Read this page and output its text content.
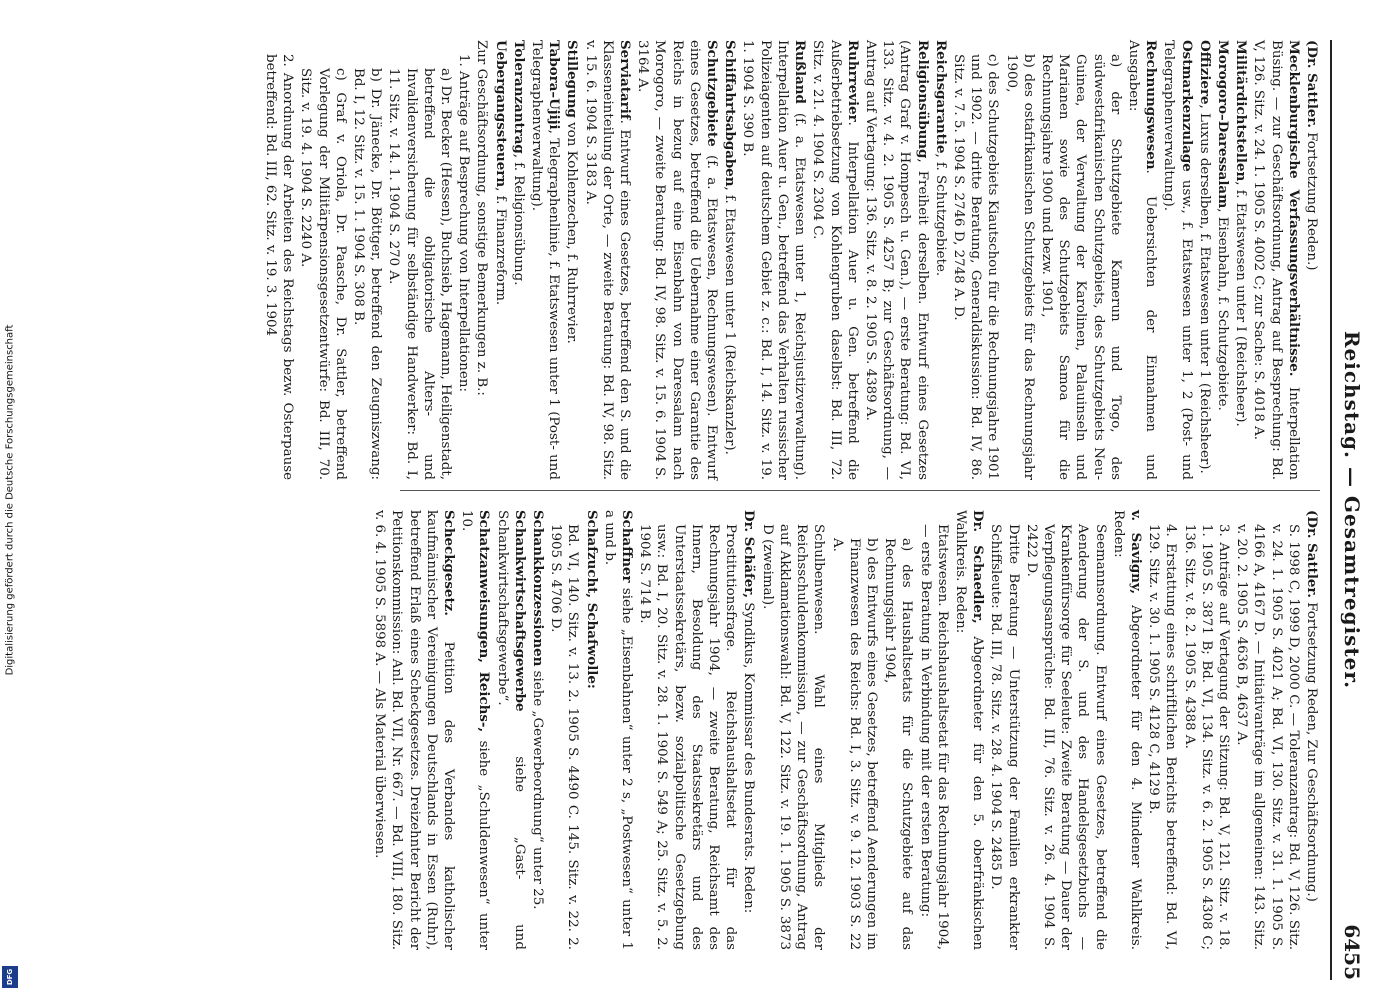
Digitalisierung gefördert durch die Deutsche Forschungsgemeinschaft
DFG
Reichstag. — Gesamtregister.
6455
(Dr. Sattler. Fortsetzung Reden.)
Mecklenburgische Verfassungsverhältnisse. Interpellation Büsing. — zur Geschäftsordnung, Antrag auf Besprechung: Bd. V, 126. Sitz. v. 24. 1. 1905 S. 4002 C; zur Sache: S. 4018 A.
Militärdichtstellen, f. Etatswesen unter I (Reichsheer).
Morogoro–Daressalam, Eisenbahn, f. Schutzgebiete.
Offiziere, Luxus derselben, f. Etatswesen unter 1 (Reichsheer).
Ostmarkenzulage usw., f. Etatswesen unter 1, 2 (Post- und Telegraphenverwaltung).
Rechnungswesen. Uebersichten der Einnahmen und Ausgaben:
a) der Schutzgebiete Kamerun und Togo, des südwestafrikanischen Schutzgebiets, des Schutzgebiets Neu-Guinea, der Verwaltung der Karolinen, Palauinseln und Marianen sowie des Schutzgebiets Samoa für die Rechnungsjahre 1900 und bezw. 1901,
b) des ostafrikanischen Schutzgebiets für das Rechnungsjahr 1900,
c) des Schutzgebiets Kiautschou für die Rechnungsjahre 1901 und 1902. — dritte Beratung, Generaldiskussion: Bd. IV, 86. Sitz. v. 7. 5. 1904 S. 2746 D, 2748 A. D.
Reichsgarantie, f. Schutzgebiete.
Religionsübung, Freiheit derselben. Entwurf eines Gesetzes (Antrag Graf v. Hompesch u. Gen.), — erste Beratung: Bd. VI, 133. Sitz. v. 4. 2. 1905 S. 4257 B; zur Geschäftsordnung, — Antrag auf Vertagung: 136. Sitz. v. 8. 2. 1905 S. 4389 A.
Ruhrrevier. Interpellation Auer u. Gen. betreffend die Außerbetriebsetzung von Kohlengruben daselbst: Bd. III, 72. Sitz. v. 21. 4. 1904 S. 2304 C.
Rußland (f. a. Etatswesen unter 1, Reichsjustizverwaltung). Interpellation Auer u. Gen., betreffend das Verhalten russischer Polizeiagenten auf deutschem Gebiet z. c.: Bd. I, 14. Sitz. v. 19. 1. 1904 S. 390 B.
Schiffahrtsabgaben, f. Etatswesen unter 1 (Reichskanzler).
Schutzgebiete (f. a. Etatswesen, Rechnungswesen). Entwurf eines Gesetzes, betreffend die Uebernahme einer Garantie des Reichs in bezug auf eine Eisenbahn von Daressalam nach Morogoro, — zweite Beratung: Bd. IV, 98. Sitz. v. 15. 6. 1904 S. 3164 A.
Serviatarif. Entwurf eines Gesetzes, betreffend den S. und die Klasseneinteilung der Orte, — zweite Beratung: Bd. IV, 98. Sitz. v. 15. 6. 1904 S. 3183 A.
Stillegung von Kohlenzechen, f. Ruhrrevier.
Tabora–Ujiji, Telegraphenlinie, f. Etatswesen unter 1 (Post- und Telegraphenverwaltung).
Toleranzantrag, f. Religionsübung.
Uebergangssteuern, f. Finanzreform.
Zur Geschäftsordnung, sonstige Bemerkungen z. B.:
1. Anträge auf Besprechung von Interpellationen:
a) Dr. Becker (Hessen), Buchsieb, Hagemann, Heiligenstadt, betreffend die obligatorische Alters- und Invalidenversicherung für selbständige Handwerker: Bd. I, 11. Sitz. v. 14. 1. 1904 S. 270 A.
b) Dr. Jänecke, Dr. Böttger, betreffend den Zeugniszwang: Bd. I, 12. Sitz. v. 15. 1. 1904 S. 308 B.
c) Graf v. Oriola, Dr. Paasche, Dr. Sattler, betreffend Vorlegung der Militärpensionsgesetzentwürfe: Bd. III, 70. Sitz. v. 19. 4. 1904 S. 2240 A.
2. Anordnung der Arbeiten des Reichstags bezw. Osterpause betreffend: Bd. III, 62. Sitz. v. 19. 3. 1904
(Dr. Sattler. Fortsetzung Reden, Zur Geschäftsordnung.)
S. 1998 C, 1999 D, 2000 C. — Toleranzantrag: Bd. V, 126. Sitz. v. 24. 1. 1905 S. 4021 A; Bd. VI, 130. Sitz. v. 31. 1. 1905 S. 4166 A, 4167 D. — Initiativanträge im allgemeinen: 143. Sitz. v. 20. 2. 1905 S. 4636 B, 4637 A.
3. Anträge auf Vertagung der Sitzung: Bd. V, 121. Sitz. v. 18. 1. 1905 S. 3871 B; Bd. VI, 134. Sitz. v. 6. 2. 1905 S. 4308 C; 136. Sitz. v. 8. 2. 1905 S. 4388 A.
4. Erstattung eines schriftlichen Berichts betreffend: Bd. VI, 129. Sitz. v. 30. 1. 1905 S. 4128 C, 4129 B.
v. Savigny, Abgeordneter für den 4. Mindener Wahlkreis. Reden:
Seemannsordnung. Entwurf eines Gesetzes, betreffend die Aenderung der S. und des Handelsgesetzbuchs — Krankenfürsorge für Seeleute: Zweite Beratung — Dauer der Verpflegungsansprüche: Bd. III, 76. Sitz. v. 26. 4. 1904 S. 2422 D.
Dritte Beratung — Unterstützung der Familien erkrankter Schiffsleute: Bd. III, 78. Sitz. v. 28. 4. 1904 S. 2485 D.
Dr. Schaedler, Abgeordneter für den 5. oberfränkischen Wahlkreis. Reden:
Etatswesen. Reichshaushaltsetat für das Rechnungsjahr 1904, — erste Beratung in Verbindung mit der ersten Beratung:
a) des Haushaltsetats für die Schutzgebiete auf das Rechnungsjahr 1904,
b) des Entwurfs eines Gesetzes, betreffend Aenderungen im Finanzwesen des Reichs: Bd. I, 3. Sitz. v. 9. 12. 1903 S. 22 A.
Schulbenwesen. Wahl eines Mitglieds der Reichsschuldenkommission, — zur Geschäftsordnung, Antrag auf Akklamationswahl: Bd. V, 122. Sitz. v. 19. 1. 1905 S. 3873 D (zweimal).
Dr. Schäfer, Syndikus, Kommissar des Bundesrats. Reden:
Prostitutionsfrage. Reichshaushaltsetat für das Rechnungsjahr 1904, — zweite Beratung, Reichsamt des Innern, Besoldung des Staatssekretärs und des Unterstaatssekretärs, bezw. sozialpolitische Gesetzgebung usw.: Bd. I, 20. Sitz. v. 28. 1. 1904 S. 549 A; 25. Sitz. v. 5. 2. 1904 S. 714 B.
Schaffner siehe „Eisenbahnen“ unter 2 s, „Postwesen“ unter 1 a und b.
Schafzucht, Schafwolle:
Bd. VI, 140. Sitz. v. 13. 2. 1905 S. 4490 C. 145. Sitz. v. 22. 2. 1905 S. 4706 D.
Schankkonzessionen siehe „Gewerbeordnung“ unter 25.
Schankwirtschaftsgewerbe siehe „Gast- und Schankwirtschaftsgewerbe“.
Schatzanweisungen, Reichs-, siehe „Schuldenwesen“ unter 10.
Scheckgesetz. Petition des Verbandes katholischer kaufmännischer Vereinigungen Deutschlands in Essen (Ruhr), betreffend Erlaß eines Scheckgesetzes. Dreizehnter Bericht der Petitionskommission: Anl. Bd. VII, Nr. 667. — Bd. VIII, 180. Sitz. v. 6. 4. 1905 S. 5898 A. — Als Material überwiesen.
